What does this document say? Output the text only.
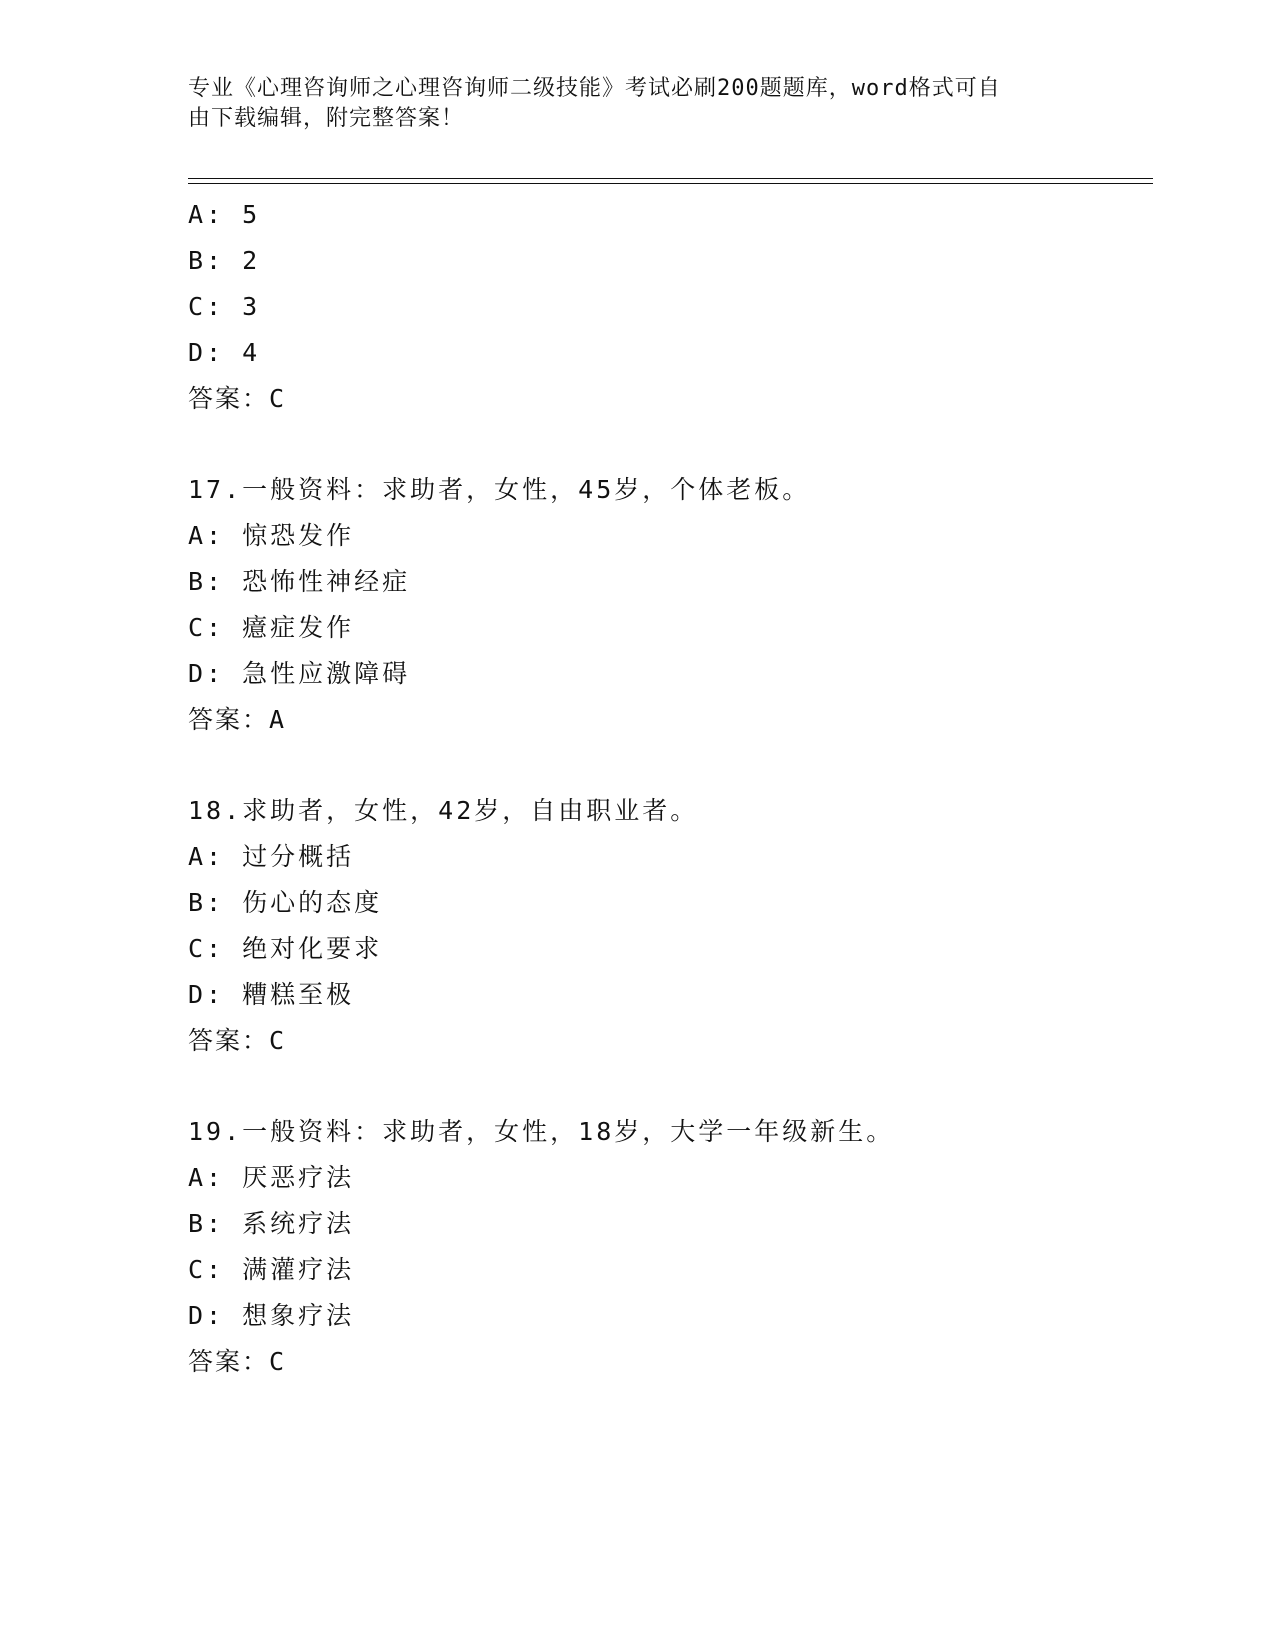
专业《心理咨询师之心理咨询师二级技能》考试必刷200题题库，word格式可自
由下载编辑，附完整答案！
A: 5
B: 2
C: 3
D: 4
答案：C
17.一般资料：求助者，女性，45岁，个体老板。
A: 惊恐发作
B: 恐怖性神经症
C: 癔症发作
D: 急性应激障碍
答案：A
18.求助者，女性，42岁，自由职业者。
A: 过分概括
B: 伤心的态度
C: 绝对化要求
D: 糟糕至极
答案：C
19.一般资料：求助者，女性，18岁，大学一年级新生。
A: 厌恶疗法
B: 系统疗法
C: 满灌疗法
D: 想象疗法
答案：C
